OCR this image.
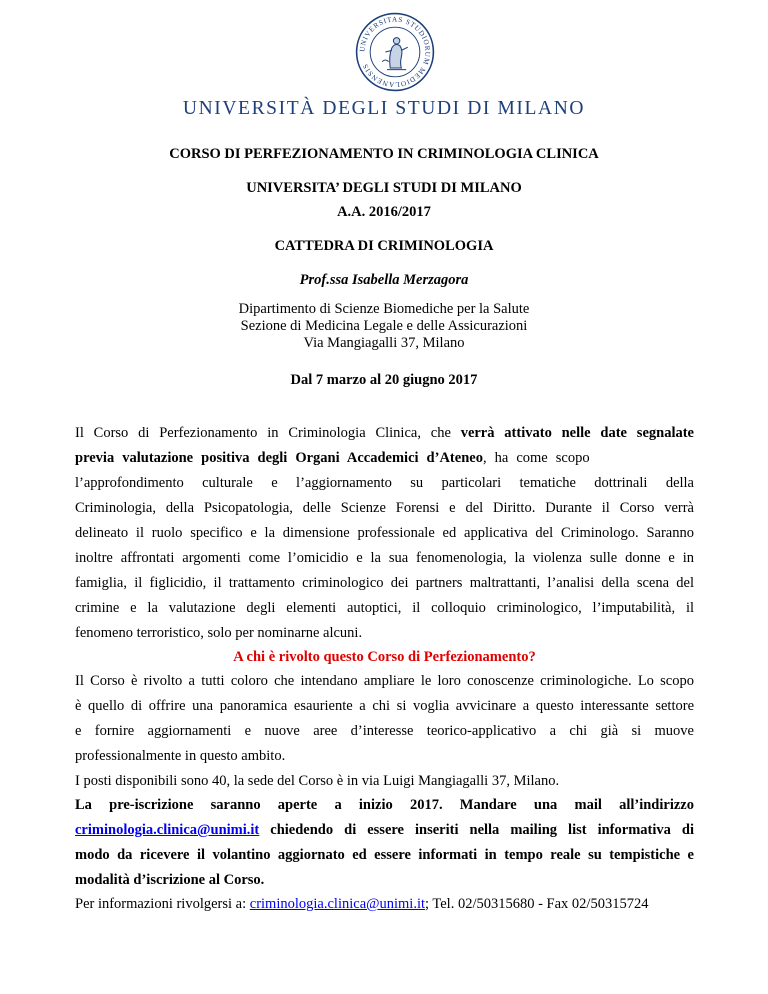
UNIVERSITAS STUDIORUM MEDIOLANENSIS
UNIVERSITÀ DEGLI STUDI DI MILANO
CORSO DI PERFEZIONAMENTO IN CRIMINOLOGIA CLINICA
UNIVERSITA’ DEGLI STUDI DI MILANO
A.A. 2016/2017
CATTEDRA DI CRIMINOLOGIA
Prof.ssa Isabella Merzagora
Dipartimento di Scienze Biomediche per la Salute
Sezione di Medicina Legale e delle Assicurazioni
Via Mangiagalli 37, Milano
Dal 7 marzo al 20 giugno 2017
Il Corso di Perfezionamento in Criminologia Clinica, che verrà attivato nelle date segnalate
previa valutazione positiva degli Organi Accademici d’Ateneo, ha come scopo
l’approfondimento culturale e l’aggiornamento su particolari tematiche dottrinali della
Criminologia, della Psicopatologia, delle Scienze Forensi e del Diritto. Durante il Corso verrà
delineato il ruolo specifico e la dimensione professionale ed applicativa del Criminologo. Saranno
inoltre affrontati argomenti come l’omicidio e la sua fenomenologia, la violenza sulle donne e in
famiglia, il figlicidio, il trattamento criminologico dei partners maltrattanti, l’analisi della scena del
crimine e la valutazione degli elementi autoptici, il colloquio criminologico, l’imputabilità, il
fenomeno terroristico, solo per nominarne alcuni.
A chi è rivolto questo Corso di Perfezionamento?
Il Corso è rivolto a tutti coloro che intendano ampliare le loro conoscenze criminologiche. Lo scopo
è quello di offrire una panoramica esauriente a chi si voglia avvicinare a questo interessante settore
e fornire aggiornamenti e nuove aree d’interesse teorico-applicativo a chi già si muove
professionalmente in questo ambito.
I posti disponibili sono 40, la sede del Corso è in via Luigi Mangiagalli 37, Milano.
La pre-iscrizione saranno aperte a inizio 2017. Mandare una mail all’indirizzo
criminologia.clinica@unimi.it chiedendo di essere inseriti nella mailing list informativa di
modo da ricevere il volantino aggiornato ed essere informati in tempo reale su tempistiche e
modalità d’iscrizione al Corso.
Per informazioni rivolgersi a: criminologia.clinica@unimi.it; Tel. 02/50315680 - Fax 02/50315724
